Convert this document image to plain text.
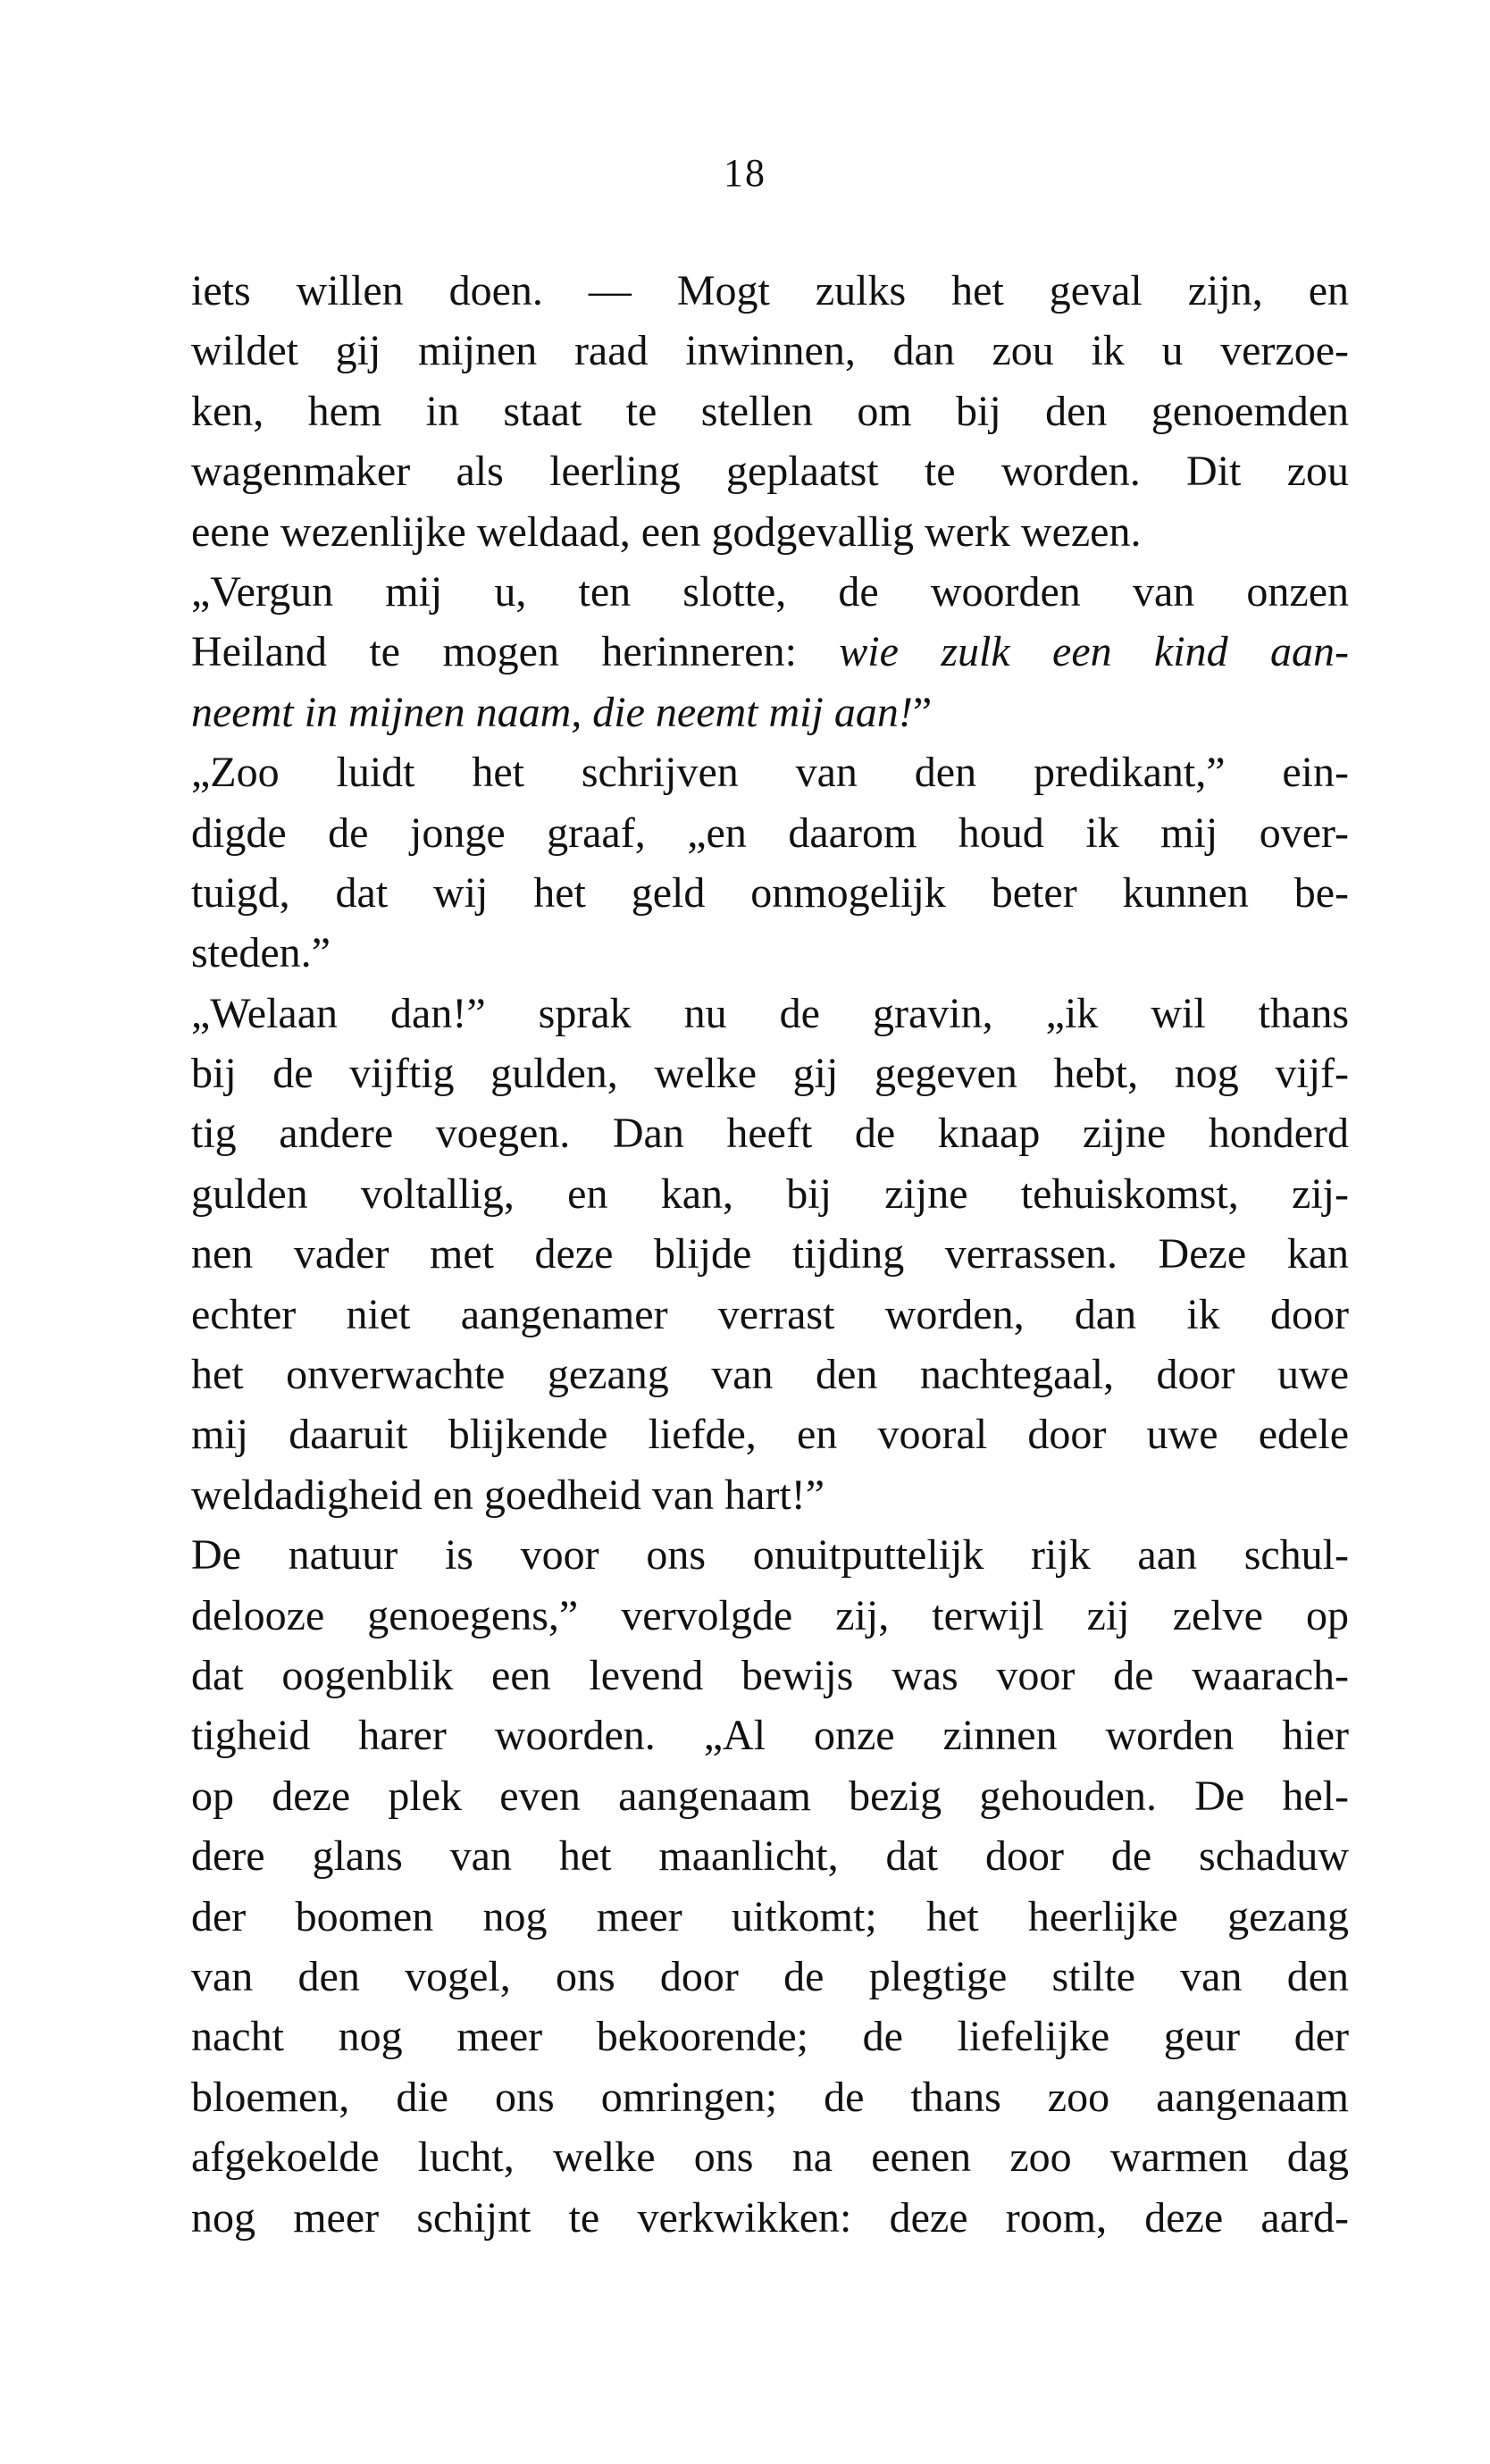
18
iets willen doen. — Mogt zulks het geval zijn, en
wildet gij mijnen raad inwinnen, dan zou ik u verzoe-
ken, hem in staat te stellen om bij den genoemden
wagenmaker als leerling geplaatst te worden. Dit zou
eene wezenlijke weldaad, een godgevallig werk wezen.
„Vergun mij u, ten slotte, de woorden van onzen
Heiland te mogen herinneren: wie zulk een kind aan-
neemt in mijnen naam, die neemt mij aan!”
„Zoo luidt het schrijven van den predikant,” ein-
digde de jonge graaf, „en daarom houd ik mij over-
tuigd, dat wij het geld onmogelijk beter kunnen be-
steden.”
„Welaan dan!” sprak nu de gravin, „ik wil thans
bij de vijftig gulden, welke gij gegeven hebt, nog vijf-
tig andere voegen. Dan heeft de knaap zijne honderd
gulden voltallig, en kan, bij zijne tehuiskomst, zij-
nen vader met deze blijde tijding verrassen. Deze kan
echter niet aangenamer verrast worden, dan ik door
het onverwachte gezang van den nachtegaal, door uwe
mij daaruit blijkende liefde, en vooral door uwe edele
weldadigheid en goedheid van hart!”
De natuur is voor ons onuitputtelijk rijk aan schul-
delooze genoegens,” vervolgde zij, terwijl zij zelve op
dat oogenblik een levend bewijs was voor de waarach-
tigheid harer woorden. „Al onze zinnen worden hier
op deze plek even aangenaam bezig gehouden. De hel-
dere glans van het maanlicht, dat door de schaduw
der boomen nog meer uitkomt; het heerlijke gezang
van den vogel, ons door de plegtige stilte van den
nacht nog meer bekoorende; de liefelijke geur der
bloemen, die ons omringen; de thans zoo aangenaam
afgekoelde lucht, welke ons na eenen zoo warmen dag
nog meer schijnt te verkwikken: deze room, deze aard-
